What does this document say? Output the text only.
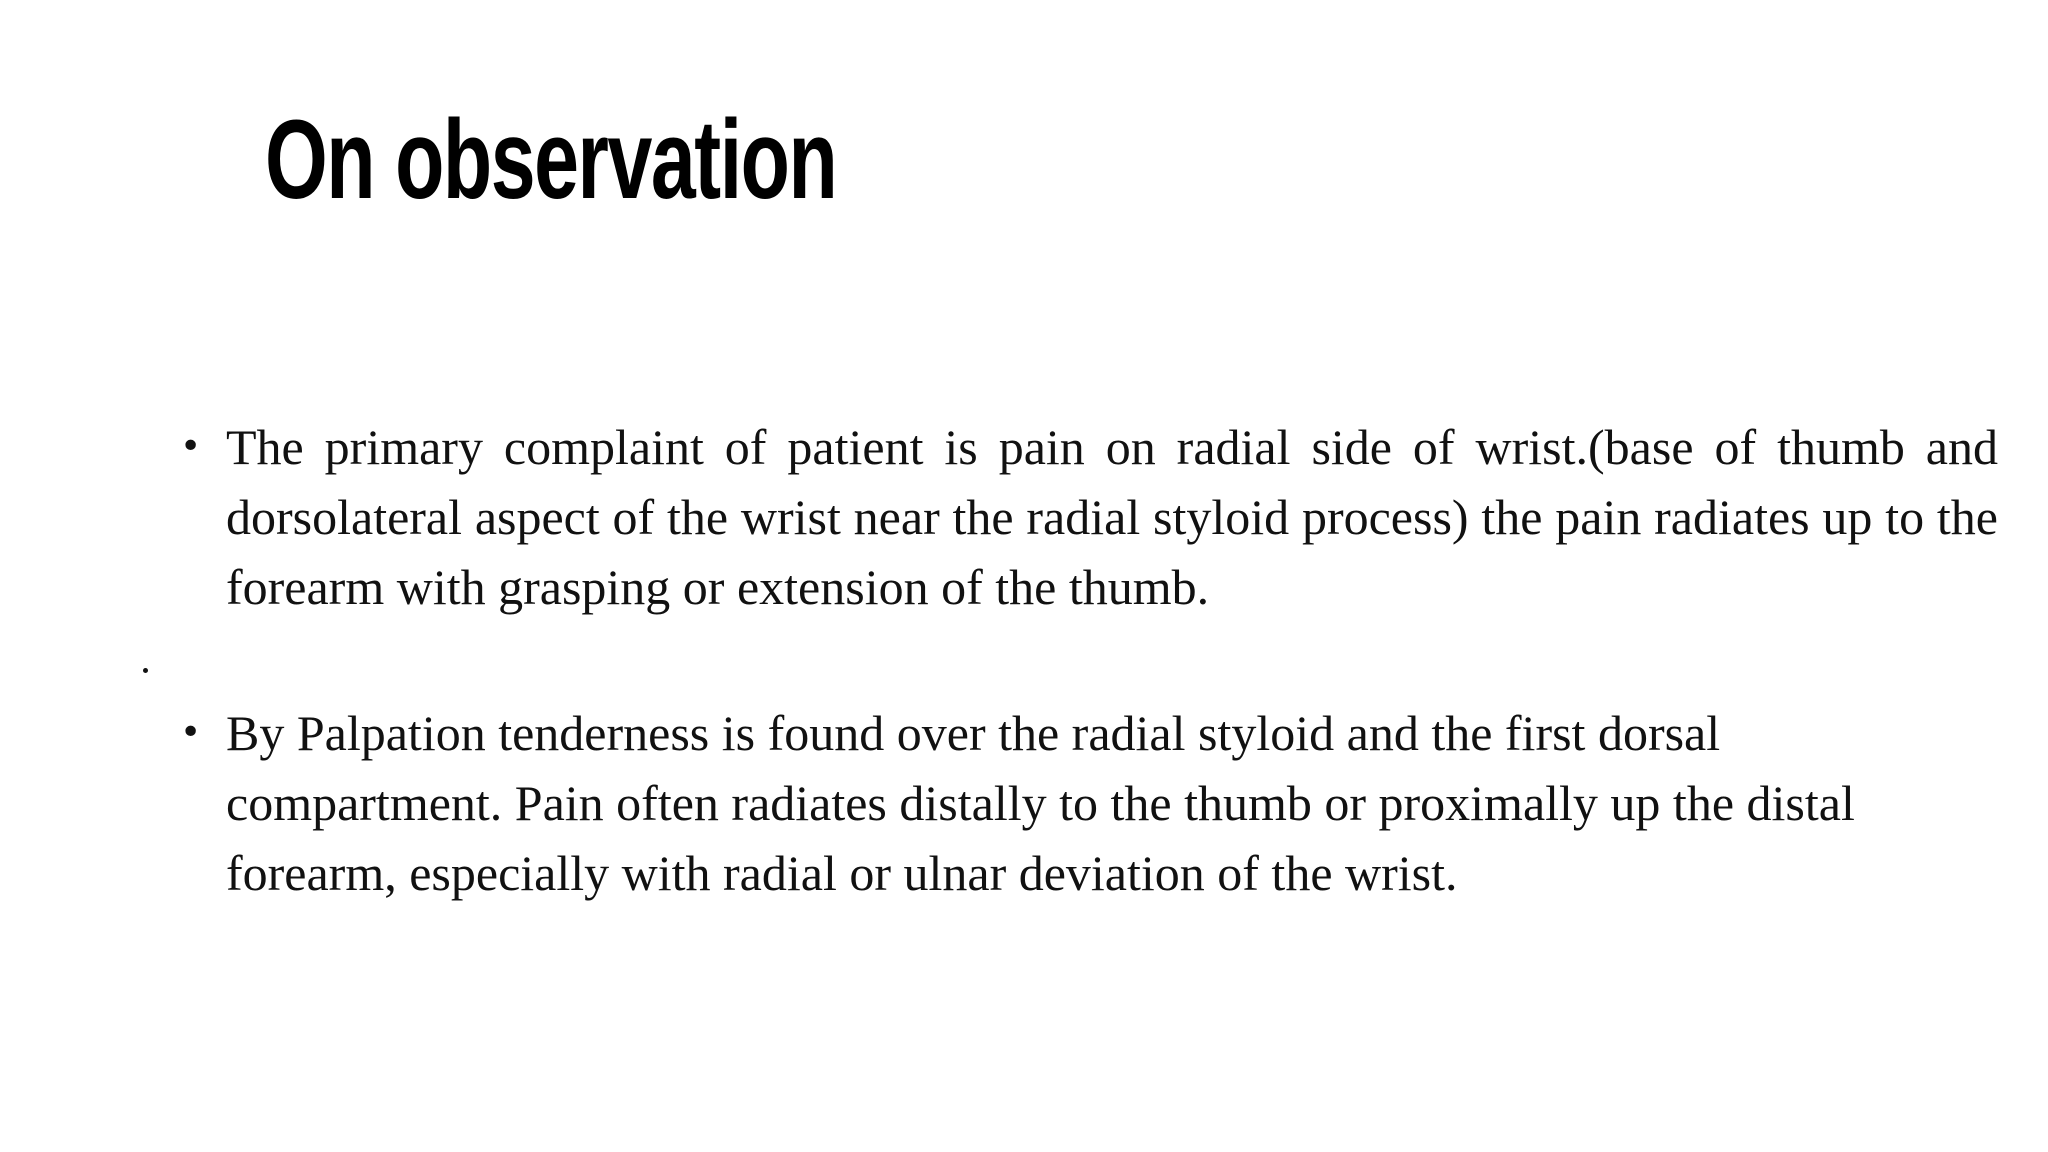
On observation
• The primary complaint of patient is pain on radial side of wrist.(base of thumb and dorsolateral aspect of the wrist near the radial styloid process) the pain radiates up to the forearm with grasping or extension of the thumb.
• By Palpation tenderness is found over the radial styloid and the first dorsal compartment. Pain often radiates distally to the thumb or proximally up the distal forearm, especially with radial or ulnar deviation of the wrist.
